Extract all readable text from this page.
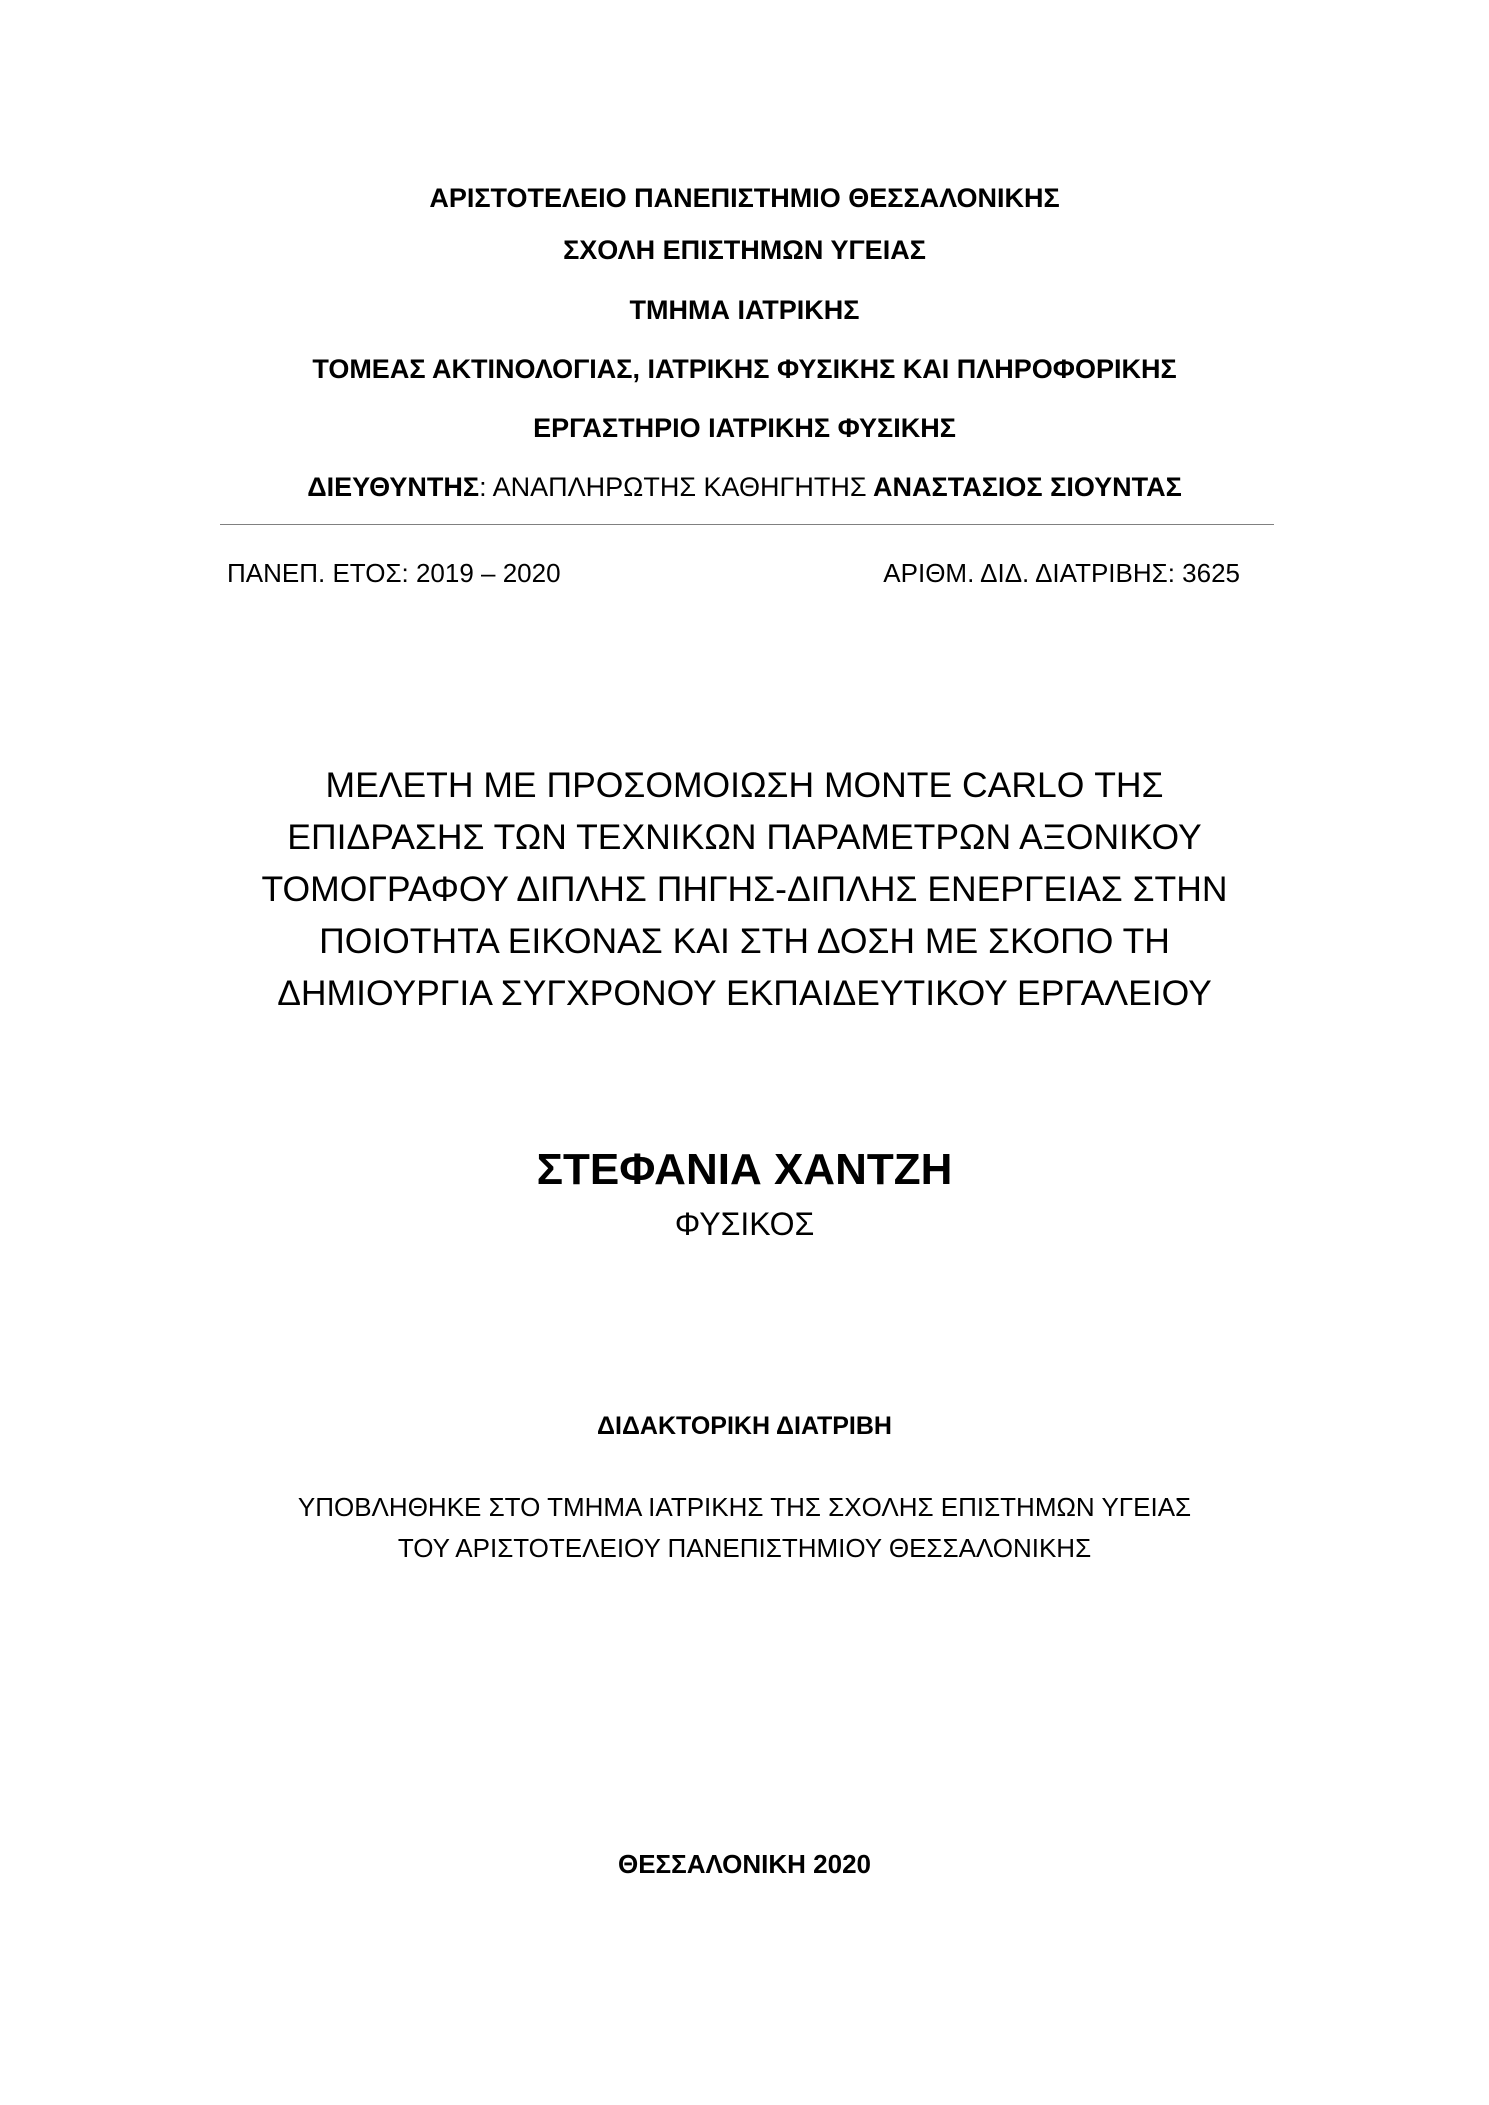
ΑΡΙΣΤΟΤΕΛΕΙΟ ΠΑΝΕΠΙΣΤΗΜΙΟ ΘΕΣΣΑΛΟΝΙΚΗΣ
ΣΧΟΛΗ ΕΠΙΣΤΗΜΩΝ ΥΓΕΙΑΣ
ΤΜΗΜΑ ΙΑΤΡΙΚΗΣ
ΤΟΜΕΑΣ ΑΚΤΙΝΟΛΟΓΙΑΣ, ΙΑΤΡΙΚΗΣ ΦΥΣΙΚΗΣ ΚΑΙ ΠΛΗΡΟΦΟΡΙΚΗΣ
ΕΡΓΑΣΤΗΡΙΟ ΙΑΤΡΙΚΗΣ ΦΥΣΙΚΗΣ
ΔΙΕΥΘΥΝΤΗΣ: ΑΝΑΠΛΗΡΩΤΗΣ ΚΑΘΗΓΗΤΗΣ ΑΝΑΣΤΑΣΙΟΣ ΣΙΟΥΝΤΑΣ
ΠΑΝΕΠ. ΕΤΟΣ: 2019 – 2020	ΑΡΙΘΜ. ΔΙΔ. ΔΙΑΤΡΙΒΗΣ: 3625
ΜΕΛΕΤΗ ΜΕ ΠΡΟΣΟΜΟΙΩΣΗ MONTE CARLO ΤΗΣ
ΕΠΙΔΡΑΣΗΣ ΤΩΝ ΤΕΧΝΙΚΩΝ ΠΑΡΑΜΕΤΡΩΝ ΑΞΟΝΙΚΟΥ
ΤΟΜΟΓΡΑΦΟΥ ΔΙΠΛΗΣ ΠΗΓΗΣ-ΔΙΠΛΗΣ ΕΝΕΡΓΕΙΑΣ ΣΤΗΝ
ΠΟΙΟΤΗΤΑ ΕΙΚΟΝΑΣ ΚΑΙ ΣΤΗ ΔΟΣΗ ΜΕ ΣΚΟΠΟ ΤΗ
ΔΗΜΙΟΥΡΓΙΑ ΣΥΓΧΡΟΝΟΥ ΕΚΠΑΙΔΕΥΤΙΚΟΥ ΕΡΓΑΛΕΙΟΥ
ΣΤΕΦΑΝΙΑ ΧΑΝΤΖΗ
ΦΥΣΙΚΟΣ
ΔΙΔΑΚΤΟΡΙΚΗ ΔΙΑΤΡΙΒΗ
ΥΠΟΒΛΗΘΗΚΕ ΣΤΟ ΤΜΗΜΑ ΙΑΤΡΙΚΗΣ ΤΗΣ ΣΧΟΛΗΣ ΕΠΙΣΤΗΜΩΝ ΥΓΕΙΑΣ
ΤΟΥ ΑΡΙΣΤΟΤΕΛΕΙΟΥ ΠΑΝΕΠΙΣΤΗΜΙΟΥ ΘΕΣΣΑΛΟΝΙΚΗΣ
ΘΕΣΣΑΛΟΝΙΚΗ 2020
